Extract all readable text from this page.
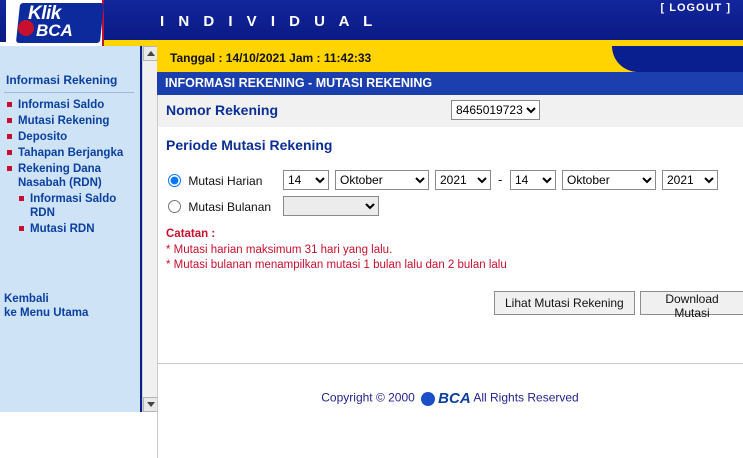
Klik
BCA	I N D I V I D U A L
[ LOGOUT ]
Informasi Rekening
Informasi Saldo
Mutasi Rekening
Deposito
Tahapan Berjangka
Rekening Dana Nasabah (RDN)
Informasi Saldo RDN
Mutasi RDN
Kembali
ke Menu Utama
Tanggal : 14/10/2021 Jam : 11:42:33
INFORMASI REKENING - MUTASI REKENING
Nomor Rekening
8465019723
Periode Mutasi Rekening
Mutasi Harian
Mutasi Bulanan
14
Oktober
2021
-
14
Oktober
2021
Catatan :
* Mutasi harian maksimum 31 hari yang lalu.
* Mutasi bulanan menampilkan mutasi 1 bulan lalu dan 2 bulan lalu
Lihat Mutasi Rekening	Download Mutasi
Copyright © 2000 BCA All Rights Reserved
